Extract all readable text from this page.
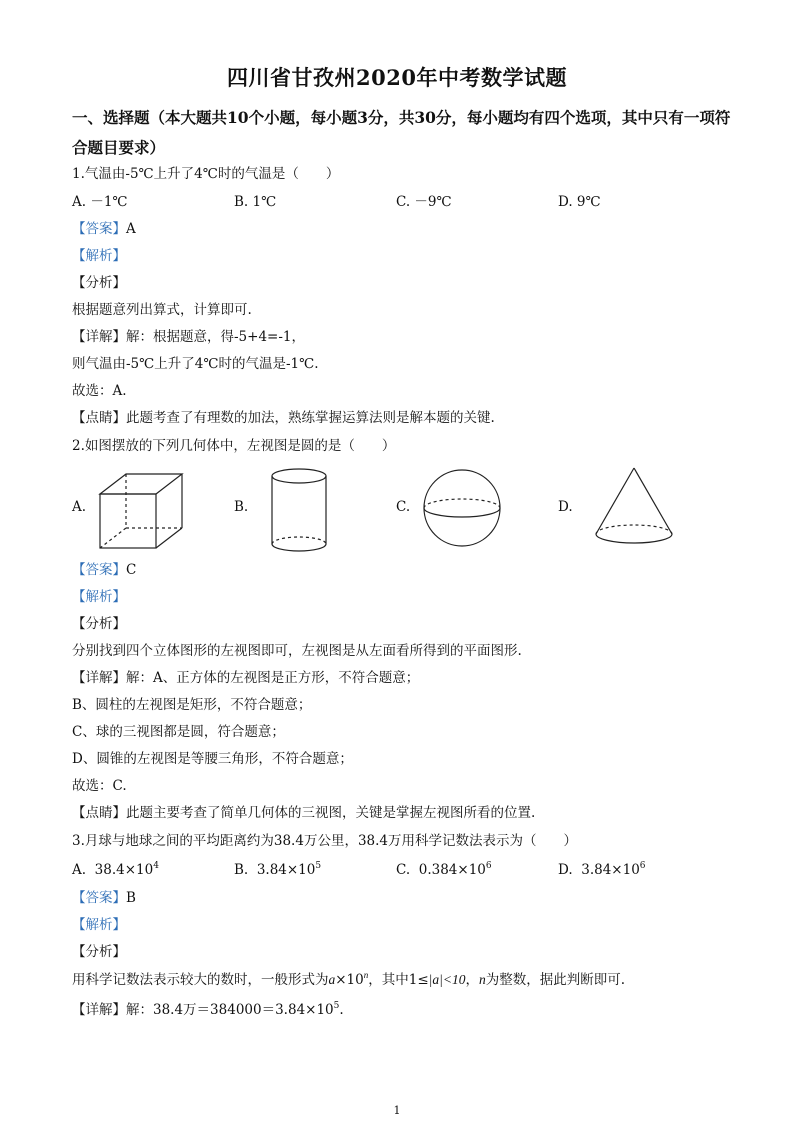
四川省甘孜州2020年中考数学试题
一、选择题（本大题共10个小题，每小题3分，共30分，每小题均有四个选项，其中只有一项符合题目要求）
1.气温由-5℃上升了4℃时的气温是（　　）
A. －1℃	B. 1℃	C. －9℃	D. 9℃
【答案】A
【解析】
【分析】
根据题意列出算式，计算即可.
【详解】解：根据题意，得-5+4=-1，
则气温由-5℃上升了4℃时的气温是-1℃.
故选：A.
【点睛】此题考查了有理数的加法，熟练掌握运算法则是解本题的关键.
2.如图摆放的下列几何体中，左视图是圆的是（　　）
A.	B.	C.	D.
【答案】C
【解析】
【分析】
分别找到四个立体图形的左视图即可，左视图是从左面看所得到的平面图形.
【详解】解：A、正方体的左视图是正方形，不符合题意；
B、圆柱的左视图是矩形，不符合题意；
C、球的三视图都是圆，符合题意；
D、圆锥的左视图是等腰三角形，不符合题意；
故选：C.
【点睛】此题主要考查了简单几何体的三视图，关键是掌握左视图所看的位置.
3.月球与地球之间的平均距离约为38.4万公里，38.4万用科学记数法表示为（　　）
A. $38.4\times 10^4$	B. $3.84\times 10^5$	C. $0.384\times 10^6$	D. $3.84\times 10^6$
【答案】B
【解析】
【分析】
用科学记数法表示较大的数时，一般形式为$a\times 10^n$，其中1≤|a|<10，n为整数，据此判断即可.
【详解】解：38.4万$=384000=3.84\times 10^5$.
1
